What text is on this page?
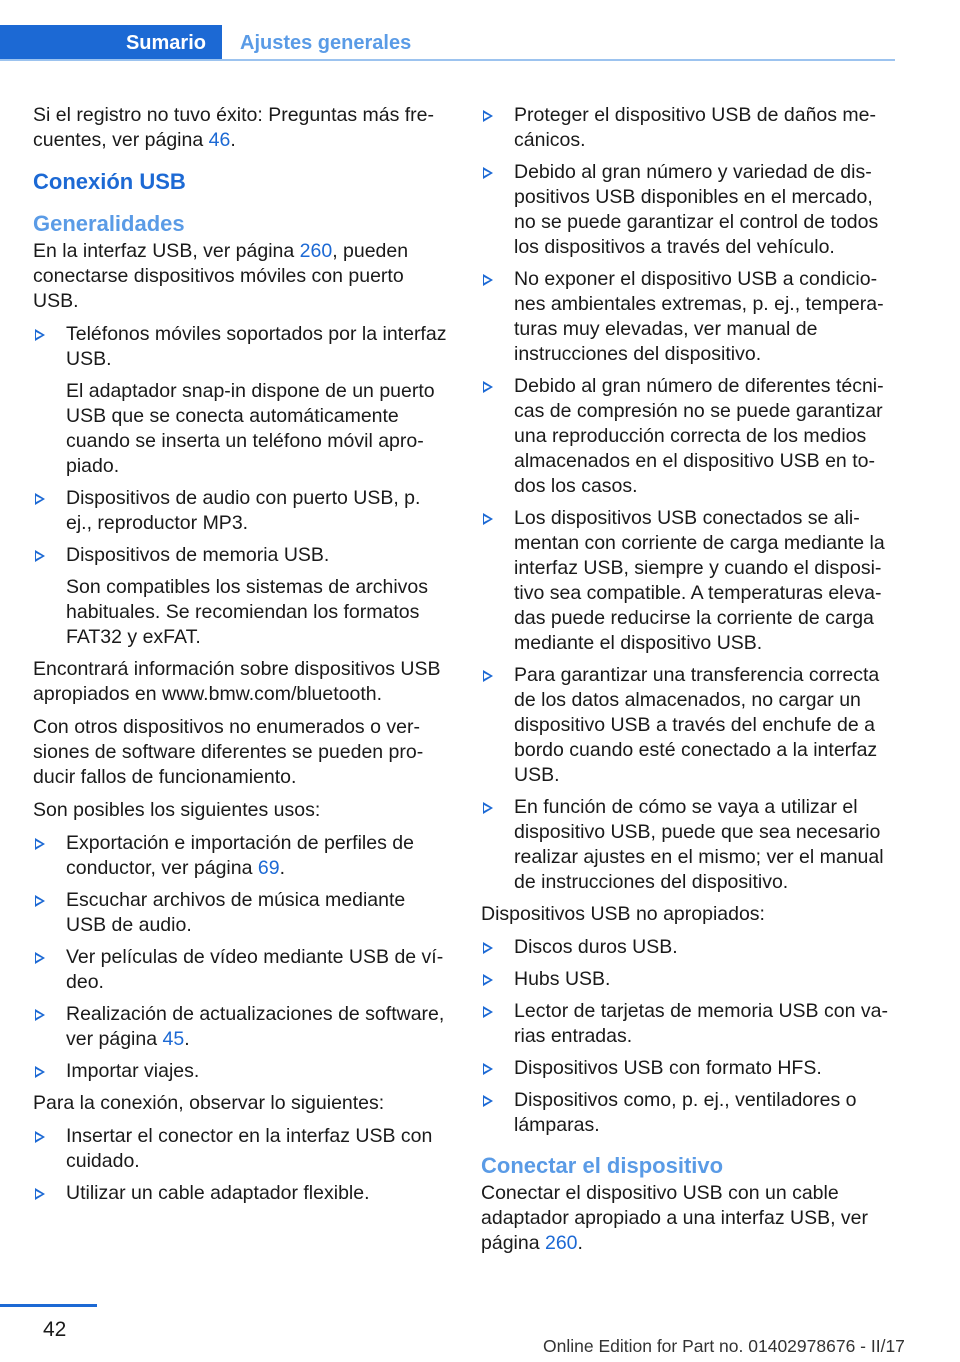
Sumario	Ajustes generales

Si el registro no tuvo éxito: Preguntas más frecuentes, ver página 46.

Conexión USB
Generalidades

En la interfaz USB, ver página 260, pueden conectarse dispositivos móviles con puerto USB.

Teléfonos móviles soportados por la interfaz USB.

El adaptador snap-in dispone de un puerto USB que se conecta automáticamente cuando se inserta un teléfono móvil apropiado.

Dispositivos de audio con puerto USB, p. ej., reproductor MP3.
Dispositivos de memoria USB.

Son compatibles los sistemas de archivos habituales. Se recomiendan los formatos FAT32 y exFAT.

Encontrará información sobre dispositivos USB apropiados en www.bmw.com/bluetooth.

Con otros dispositivos no enumerados o versiones de software diferentes se pueden producir fallos de funcionamiento.

Son posibles los siguientes usos:

Exportación e importación de perfiles de conductor, ver página 69.
Escuchar archivos de música mediante USB de audio.
Ver películas de vídeo mediante USB de vídeo.
Realización de actualizaciones de software, ver página 45.
Importar viajes.

Para la conexión, observar lo siguientes:

Insertar el conector en la interfaz USB con cuidado.
Utilizar un cable adaptador flexible.
Proteger el dispositivo USB de daños mecánicos.
Debido al gran número y variedad de dispositivos USB disponibles en el mercado, no se puede garantizar el control de todos los dispositivos a través del vehículo.
No exponer el dispositivo USB a condiciones ambientales extremas, p. ej., temperaturas muy elevadas, ver manual de instrucciones del dispositivo.
Debido al gran número de diferentes técnicas de compresión no se puede garantizar una reproducción correcta de los medios almacenados en el dispositivo USB en todos los casos.
Los dispositivos USB conectados se alimentan con corriente de carga mediante la interfaz USB, siempre y cuando el dispositivo sea compatible. A temperaturas elevadas puede reducirse la corriente de carga mediante el dispositivo USB.
Para garantizar una transferencia correcta de los datos almacenados, no cargar un dispositivo USB a través del enchufe de a bordo cuando esté conectado a la interfaz USB.
En función de cómo se vaya a utilizar el dispositivo USB, puede que sea necesario realizar ajustes en el mismo; ver el manual de instrucciones del dispositivo.

Dispositivos USB no apropiados:

Discos duros USB.
Hubs USB.
Lector de tarjetas de memoria USB con varias entradas.
Dispositivos USB con formato HFS.
Dispositivos como, p. ej., ventiladores o lámparas.
Conectar el dispositivo

Conectar el dispositivo USB con un cable adaptador apropiado a una interfaz USB, ver página 260.

42
Online Edition for Part no. 01402978676 - II/17
